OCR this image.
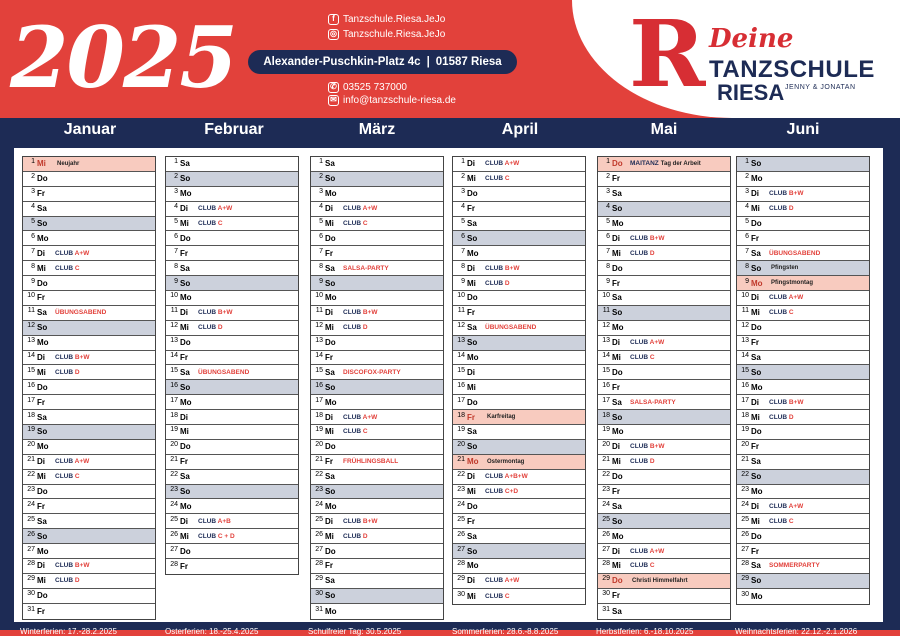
2025	f Tanzschule.Riesa.JeJo
◎ Tanzschule.Riesa.JeJo
Alexander-Puschkin-Platz 4c | 01587 Riesa
✆ 03525 737000
✉ info@tanzschule-riesa.de R Deine
TANZSCHULE
RIESA JENNY & JONATAN
Januar
1 Mi	Neujahr
2 Do
3 Fr
4 Sa
5 So
6 Mo
7 Di	CLUB A+W
8 Mi	CLUB C
9 Do
10 Fr
11 Sa	ÜBUNGSABEND
12 So
13 Mo
14 Di	CLUB B+W
15 Mi	CLUB D
16 Do
17 Fr
18 Sa
19 So
20 Mo
21 Di	CLUB A+W
22 Mi	CLUB C
23 Do
24 Fr
25 Sa
26 So
27 Mo
28 Di	CLUB B+W
29 Mi	CLUB D
30 Do
31 Fr
Februar
1 Sa
2 So
3 Mo
4 Di	CLUB A+W
5 Mi	CLUB C
6 Do
7 Fr
8 Sa
9 So
10 Mo
11 Di	CLUB B+W
12 Mi	CLUB D
13 Do
14 Fr
15 Sa	ÜBUNGSABEND
16 So
17 Mo
18 Di
19 Mi
20 Do
21 Fr
22 Sa
23 So
24 Mo
25 Di	CLUB A+B
26 Mi	CLUB C + D
27 Do
28 Fr
März
1 Sa
2 So
3 Mo
4 Di	CLUB A+W
5 Mi	CLUB C
6 Do
7 Fr
8 Sa	SALSA-PARTY
9 So
10 Mo
11 Di	CLUB B+W
12 Mi	CLUB D
13 Do
14 Fr
15 Sa	DISCOFOX-PARTY
16 So
17 Mo
18 Di	CLUB A+W
19 Mi	CLUB C
20 Do
21 Fr	FRÜHLINGSBALL
22 Sa
23 So
24 Mo
25 Di	CLUB B+W
26 Mi	CLUB D
27 Do
28 Fr
29 Sa
30 So
31 Mo
April
1 Di	CLUB A+W
2 Mi	CLUB C
3 Do
4 Fr
5 Sa
6 So
7 Mo
8 Di	CLUB B+W
9 Mi	CLUB D
10 Do
11 Fr
12 Sa	ÜBUNGSABEND
13 So
14 Mo
15 Di
16 Mi
17 Do
18 Fr	Karfreitag
19 Sa
20 So
21 Mo	Ostermontag
22 Di	CLUB A+B+W
23 Mi	CLUB C+D
24 Do
25 Fr
26 Sa
27 So
28 Mo
29 Di	CLUB A+W
30 Mi	CLUB C
Mai
1 Do	MAITANZ Tag der Arbeit
2 Fr
3 Sa
4 So
5 Mo
6 Di	CLUB B+W
7 Mi	CLUB D
8 Do
9 Fr
10 Sa
11 So
12 Mo
13 Di	CLUB A+W
14 Mi	CLUB C
15 Do
16 Fr
17 Sa	SALSA-PARTY
18 So
19 Mo
20 Di	CLUB B+W
21 Mi	CLUB D
22 Do
23 Fr
24 Sa
25 So
26 Mo
27 Di	CLUB A+W
28 Mi	CLUB C
29 Do	Christi Himmelfahrt
30 Fr
31 Sa
Juni
1 So
2 Mo
3 Di	CLUB B+W
4 Mi	CLUB D
5 Do
6 Fr
7 Sa	ÜBUNGSABEND
8 So	Pfingsten
9 Mo	Pfingstmontag
10 Di	CLUB A+W
11 Mi	CLUB C
12 Do
13 Fr
14 Sa
15 So
16 Mo
17 Di	CLUB B+W
18 Mi	CLUB D
19 Do
20 Fr
21 Sa
22 So
23 Mo
24 Di	CLUB A+W
25 Mi	CLUB C
26 Do
27 Fr
28 Sa	SOMMERPARTY
29 So
30 Mo
Winterferien: 17.-28.2.2025	Osterferien: 18.-25.4.2025	Schulfreier Tag: 30.5.2025	Sommerferien: 28.6.-8.8.2025	Herbstferien: 6.-18.10.2025	Weihnachtsferien: 22.12.-2.1.2026
